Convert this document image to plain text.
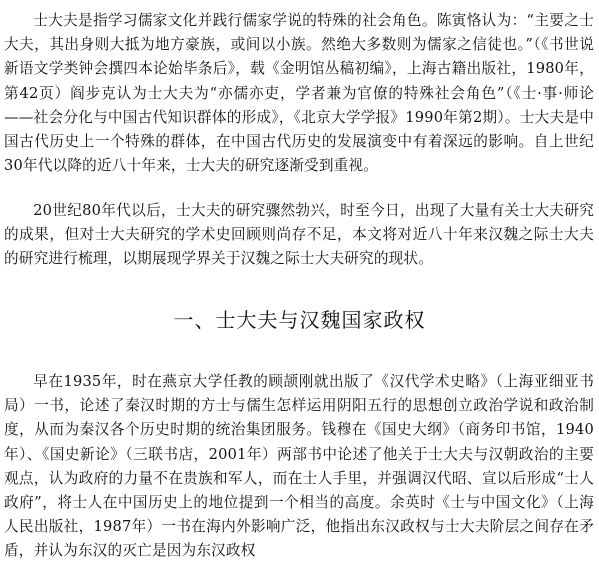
士大夫是指学习儒家文化并践行儒家学说的特殊的社会角色。陈寅恪认为：“主要之士大夫，其出身则大抵为地方豪族，或间以小族。然绝大多数则为儒家之信徒也。”（《书世说新语文学类钟会撰四本论始毕条后》，载《金明馆丛稿初编》，上海古籍出版社，1980年，第42页）阎步克认为士大夫为“亦儒亦吏，学者兼为官僚的特殊社会角色”（《士·事·师论——社会分化与中国古代知识群体的形成》，《北京大学学报》1990年第2期）。士大夫是中国古代历史上一个特殊的群体，在中国古代历史的发展演变中有着深远的影响。自上世纪30年代以降的近八十年来，士大夫的研究逐渐受到重视。

20世纪80年代以后，士大夫的研究骤然勃兴，时至今日，出现了大量有关士大夫研究的成果，但对士大夫研究的学术史回顾则尚存不足，本文将对近八十年来汉魏之际士大夫的研究进行梳理，以期展现学界关于汉魏之际士大夫研究的现状。

一、士大夫与汉魏国家政权

早在1935年，时在燕京大学任教的顾颉刚就出版了《汉代学术史略》（上海亚细亚书局）一书，论述了秦汉时期的方士与儒生怎样运用阴阳五行的思想创立政治学说和政治制度，从而为秦汉各个历史时期的统治集团服务。钱穆在《国史大纲》（商务印书馆，1940年）、《国史新论》（三联书店，2001年）两部书中论述了他关于士大夫与汉朝政治的主要观点，认为政府的力量不在贵族和军人，而在士人手里，并强调汉代昭、宣以后形成“士人政府”，将士人在中国历史上的地位提到一个相当的高度。余英时《士与中国文化》（上海人民出版社，1987年）一书在海内外影响广泛，他指出东汉政权与士大夫阶层之间存在矛盾，并认为东汉的灭亡是因为东汉政权
